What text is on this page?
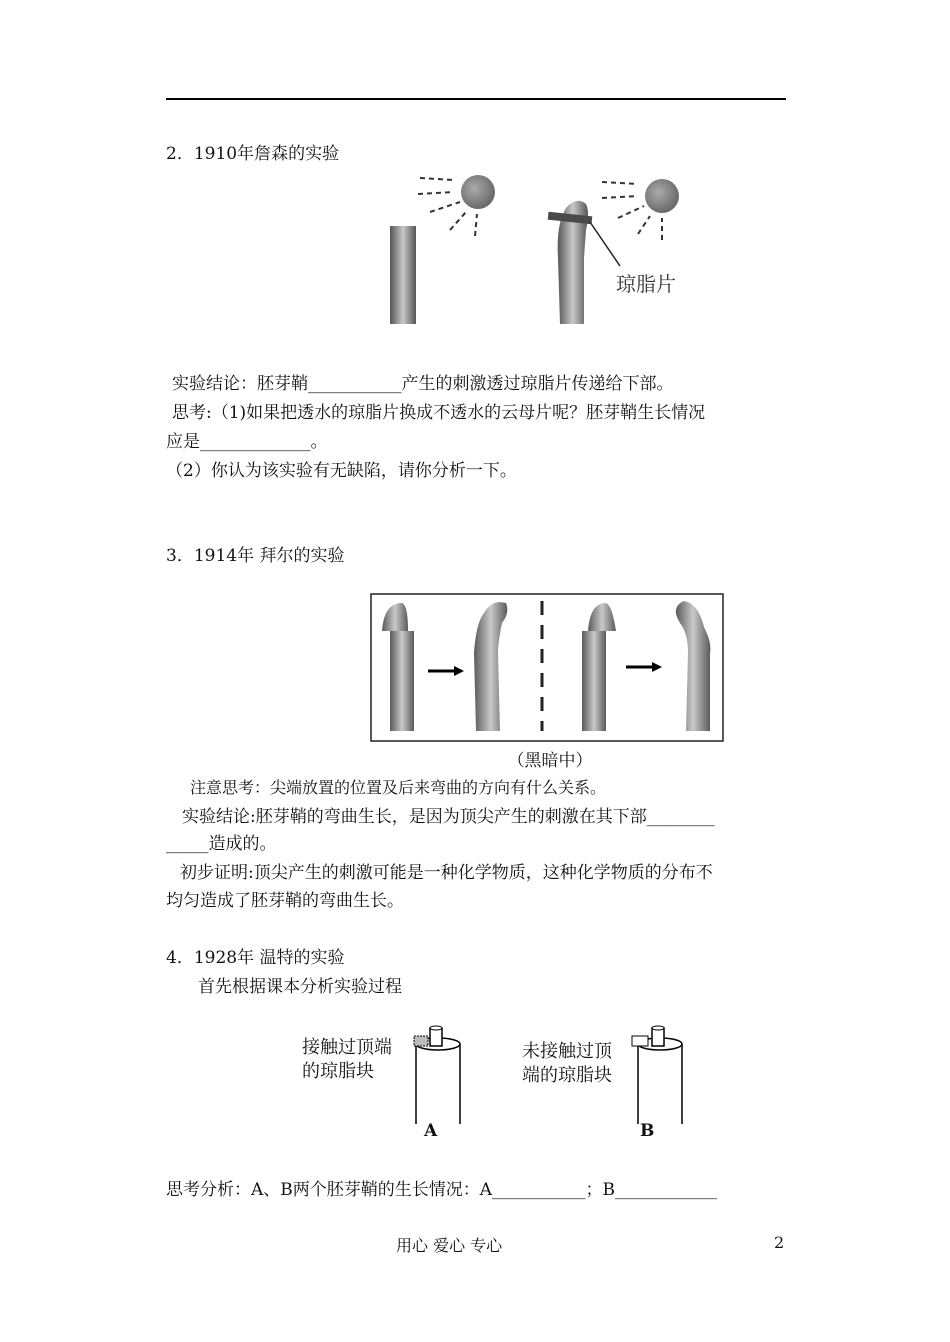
2．1910年詹森的实验
琼脂片
实验结论：胚芽鞘___________产生的刺激透过琼脂片传递给下部。
思考:（1)如果把透水的琼脂片换成不透水的云母片呢？胚芽鞘生长情况
应是_____________。
（2）你认为该实验有无缺陷，请你分析一下。
3．1914年 拜尔的实验
（黑暗中）
注意思考：尖端放置的位置及后来弯曲的方向有什么关系。
实验结论:胚芽鞘的弯曲生长，是因为顶尖产生的刺激在其下部________
_____造成的。
初步证明:顶尖产生的刺激可能是一种化学物质，这种化学物质的分布不
均匀造成了胚芽鞘的弯曲生长。
4．1928年 温特的实验
首先根据课本分析实验过程
接触过顶端
的琼脂块
未接触过顶
端的琼脂块
A	B
思考分析：A、B两个胚芽鞘的生长情况：A___________；B____________
用心 爱心 专心	2
